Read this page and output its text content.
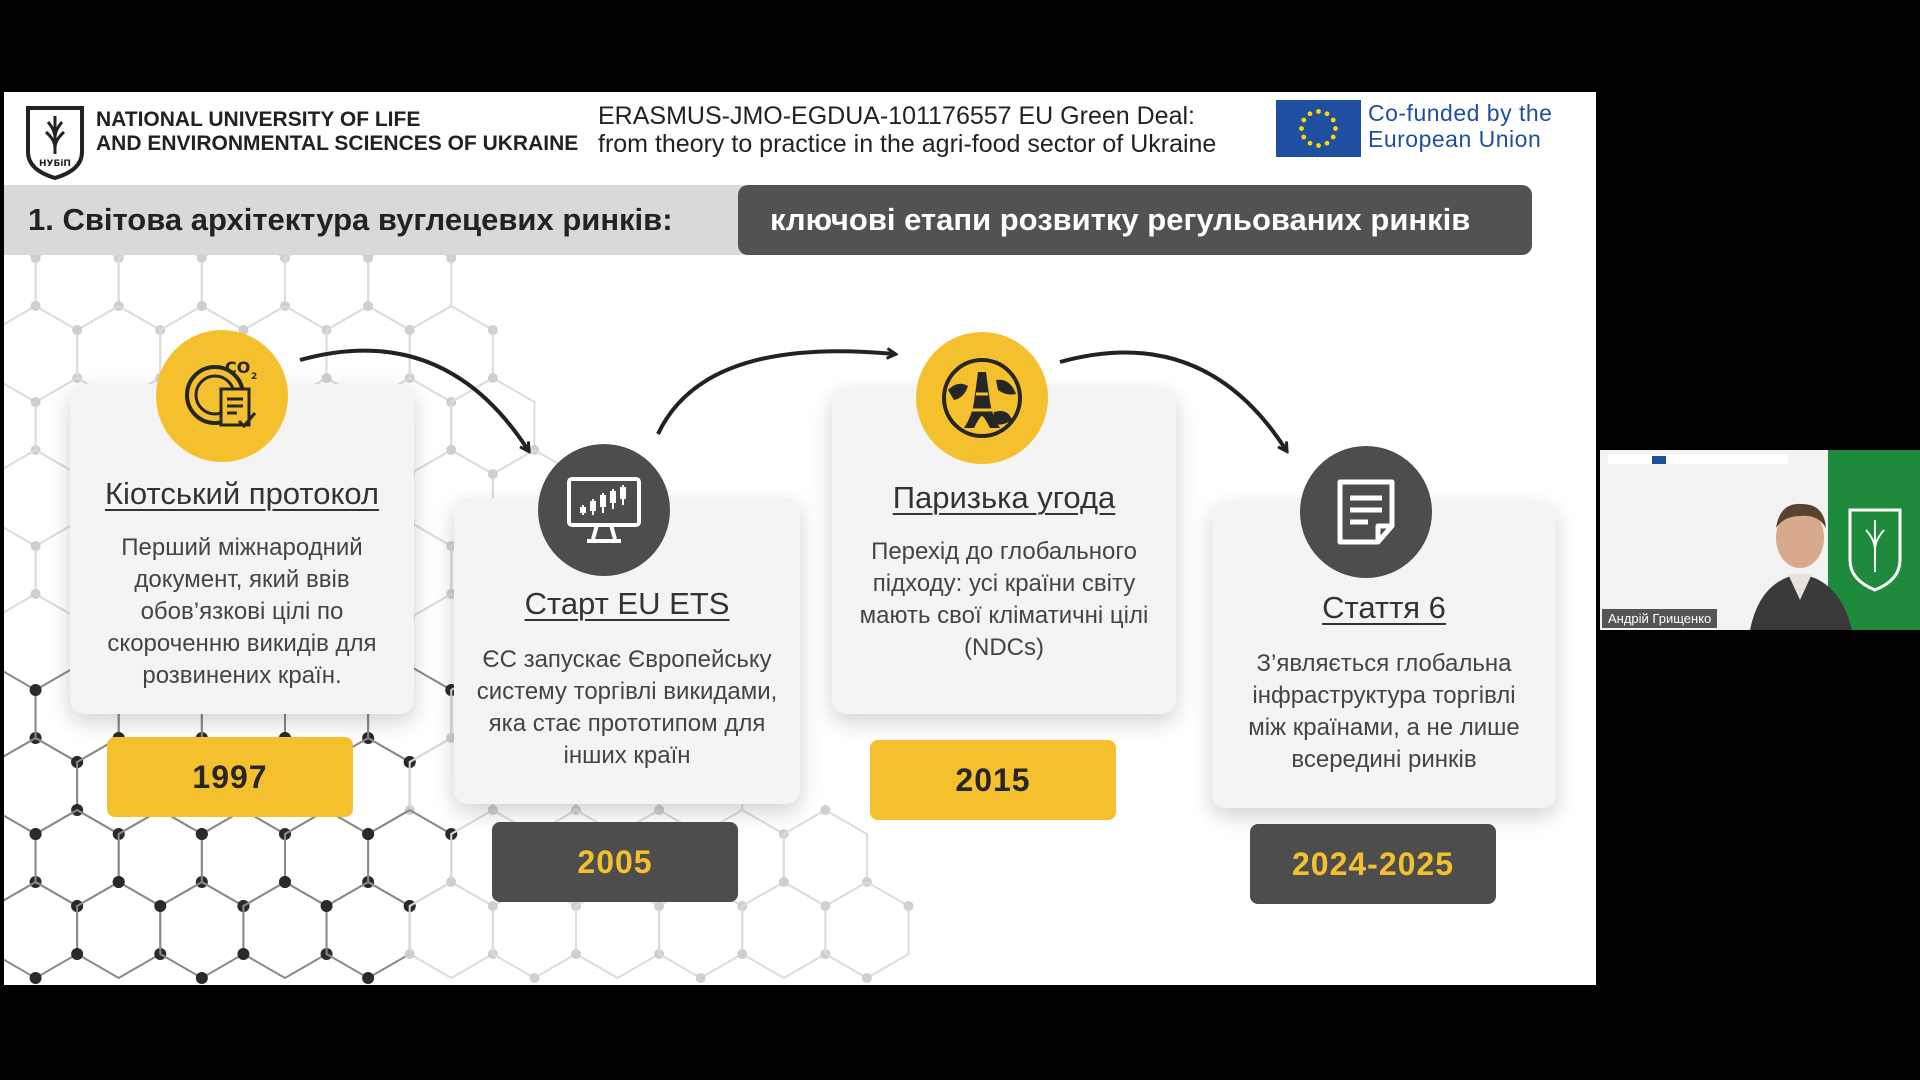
НУБіП
NATIONAL UNIVERSITY OF LIFE
AND ENVIRONMENTAL SCIENCES OF UKRAINE
ERASMUS-JMO-EGDUA-101176557 EU Green Deal:
from theory to practice in the agri-food sector of Ukraine
Co-funded by the
European Union
1. Світова архітектура вуглецевих ринків:	ключові етапи розвитку регульованих ринків
Кіотський протокол
Перший міжнародний
документ, який ввів
обов’язкові цілі по
скороченню викидів для
розвинених країн.
CO 2
1997
Старт EU ETS
ЄС запускає Європейську
систему торгівлі викидами,
яка стає прототипом для
інших країн
2005
Паризька угода
Перехід до глобального
підходу: усі країни світу
мають свої кліматичні цілі
(NDCs)
2015
Стаття 6
З’являється глобальна
інфраструктура торгівлі
між країнами, а не лише
всередині ринків
2024-2025
Андрій Грищенко
